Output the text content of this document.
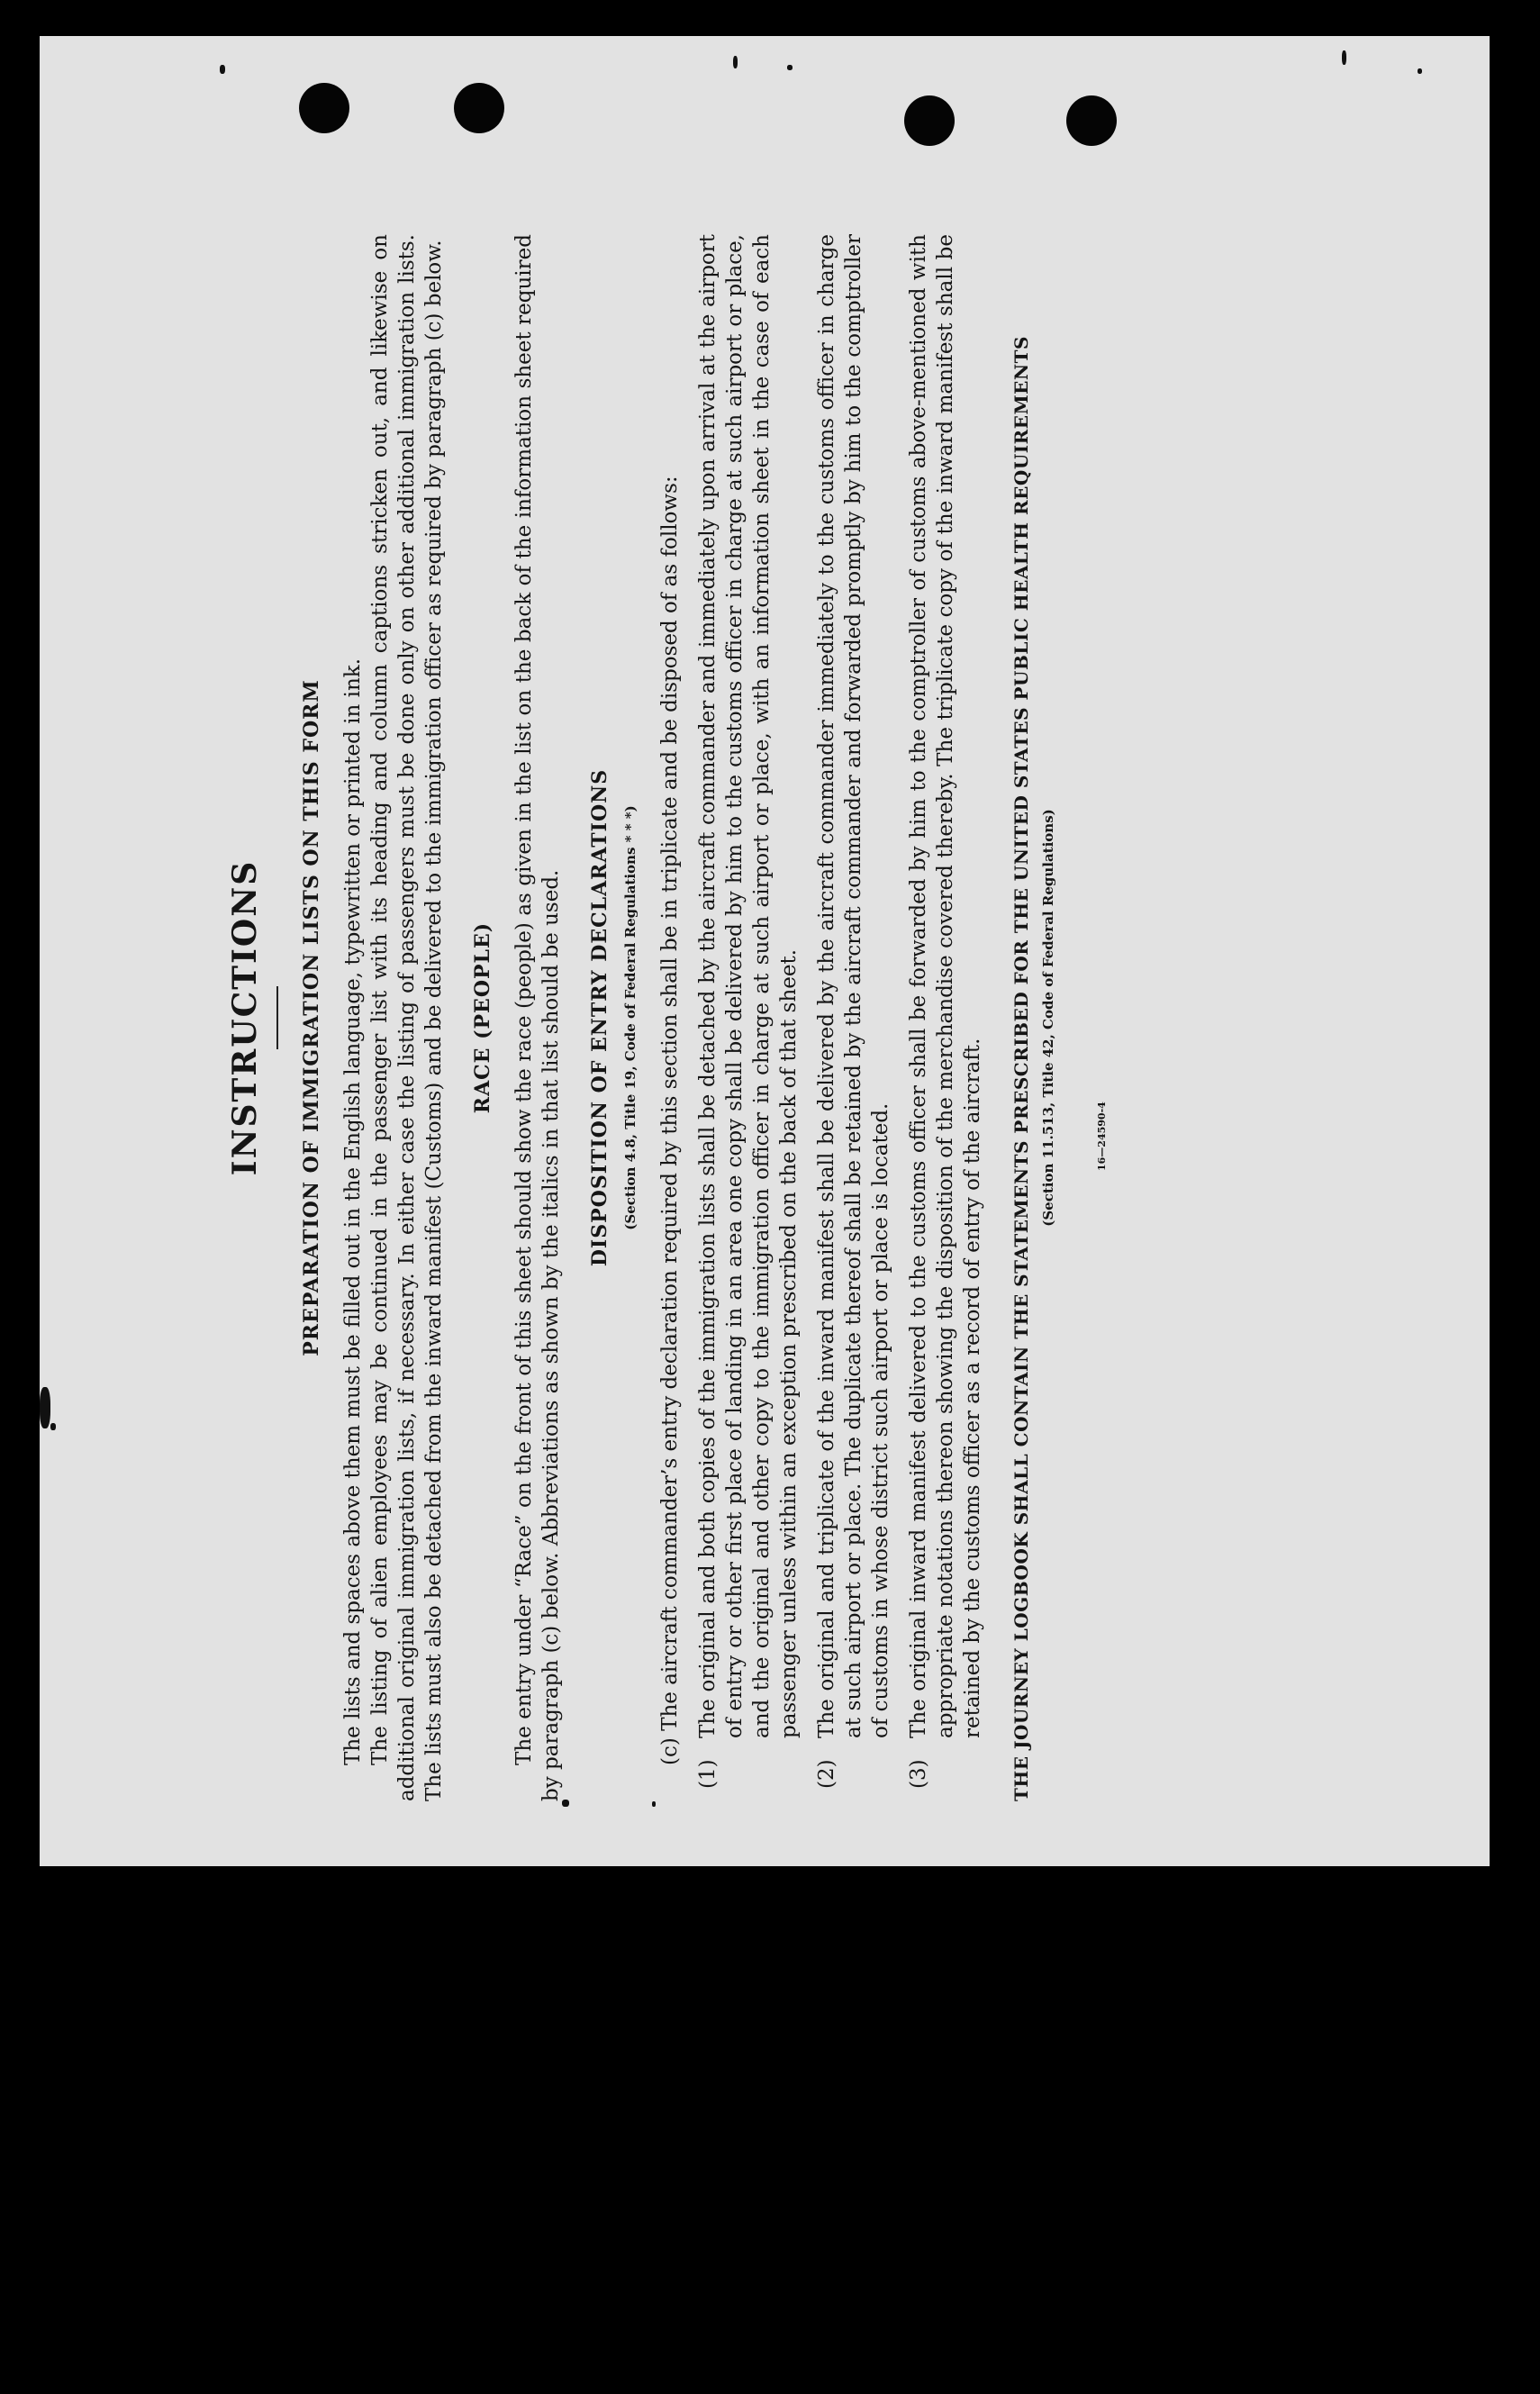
INSTRUCTIONS PREPARATION OF IMMIGRATION LISTS ON THIS FORM The lists and spaces above them must be filled out in the English language, typewritten or printed in ink. The listing of alien employees may be continued in the passenger list with its heading and column captions stricken out, and likewise on additional original immigration lists, if necessary. In either case the listing of passengers must be done only on other additional immigration lists. The lists must also be detached from the inward manifest (Customs) and be delivered to the immigration officer as required by paragraph (c) below. RACE (PEOPLE) The entry under “Race” on the front of this sheet should show the race (people) as given in the list on the back of the information sheet required by paragraph (c) below. Abbreviations as shown by the italics in that list should be used. DISPOSITION OF ENTRY DECLARATIONS (Section 4.8, Title 19, Code of Federal Regulations * * *) (c) The aircraft commander’s entry declaration required by this section shall be in triplicate and be disposed of as follows:

(1)
The original and both copies of the immigration lists shall be detached by the aircraft commander and immediately upon arrival at the airport of entry or other first place of landing in an area one copy shall be delivered by him to the customs officer in charge at such airport or place, and the original and other copy to the immigration officer in charge at such airport or place, with an information sheet in the case of each passenger unless within an exception prescribed on the back of that sheet.
(2)
The original and triplicate of the inward manifest shall be delivered by the aircraft commander immediately to the customs officer in charge at such airport or place. The duplicate thereof shall be retained by the aircraft commander and forwarded promptly by him to the comptroller of customs in whose district such airport or place is located.
(3)
The original inward manifest delivered to the customs officer shall be forwarded by him to the comptroller of customs above-mentioned with appropriate notations thereon showing the disposition of the merchandise covered thereby. The triplicate copy of the inward manifest shall be retained by the customs officer as a record of entry of the aircraft. THE JOURNEY LOGBOOK SHALL CONTAIN THE STATEMENTS PRESCRIBED FOR THE UNITED STATES PUBLIC HEALTH REQUIREMENTS (Section 11.513, Title 42, Code of Federal Regulations)	16—24590-4
